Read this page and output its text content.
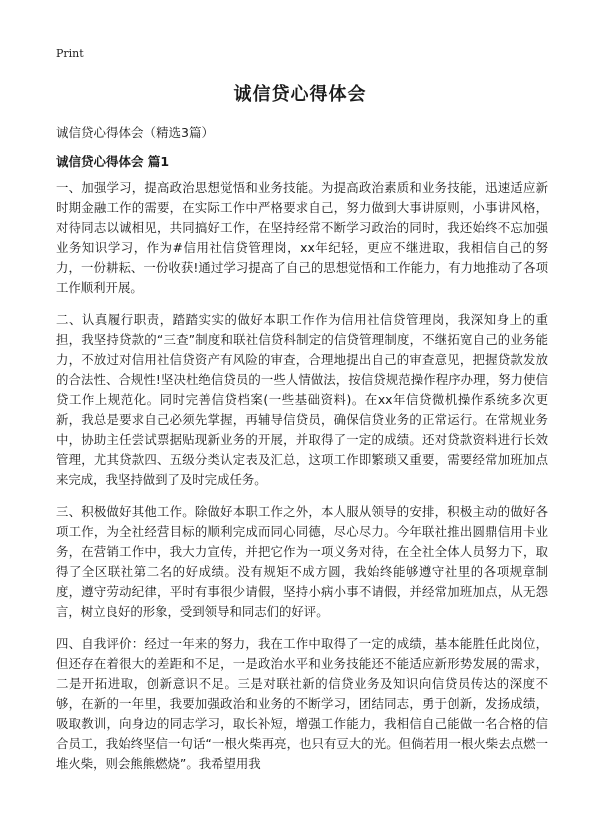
Print
诚信贷心得体会

诚信贷心得体会（精选3篇）

诚信贷心得体会 篇1

一、加强学习，提高政治思想觉悟和业务技能。为提高政治素质和业务技能，迅速适应新时期金融工作的需要，在实际工作中严格要求自己，努力做到大事讲原则，小事讲风格，对待同志以诚相见，共同搞好工作，在坚持经常不断学习政治的同时，我还始终不忘加强业务知识学习，作为#信用社信贷管理岗，xx年纪轻，更应不继进取，我相信自己的努力，一份耕耘、一份收获!通过学习提高了自己的思想觉悟和工作能力，有力地推动了各项工作顺利开展。

二、认真履行职责，踏踏实实的做好本职工作作为信用社信贷管理岗，我深知身上的重担，我坚持贷款的“三查”制度和联社信贷科制定的信贷管理制度，不继拓宽自己的业务能力，不放过对信用社信贷资产有风险的审查，合理地提出自己的审查意见，把握贷款发放的合法性、合规性!坚决杜绝信贷员的一些人情做法，按信贷规范操作程序办理，努力使信贷工作上规范化。同时完善信贷档案(一些基础资料)。在xx年信贷微机操作系统多次更新，我总是要求自己必须先掌握，再辅导信贷员，确保信贷业务的正常运行。在常规业务中，协助主任尝试票据贴现新业务的开展，并取得了一定的成绩。还对贷款资料进行长效管理，尤其贷款四、五级分类认定表及汇总，这项工作即繁琐又重要，需要经常加班加点来完成，我坚持做到了及时完成任务。

三、积极做好其他工作。除做好本职工作之外，本人服从领导的安排，积极主动的做好各项工作，为全社经营目标的顺利完成而同心同德，尽心尽力。今年联社推出圆鼎信用卡业务，在营销工作中，我大力宣传，并把它作为一项义务对待，在全社全体人员努力下，取得了全区联社第二名的好成绩。没有规矩不成方圆，我始终能够遵守社里的各项规章制度，遵守劳动纪律，平时有事很少请假，坚持小病小事不请假，并经常加班加点，从无怨言，树立良好的形象，受到领导和同志们的好评。

四、自我评价：经过一年来的努力，我在工作中取得了一定的成绩，基本能胜任此岗位，但还存在着很大的差距和不足，一是政治水平和业务技能还不能适应新形势发展的需求，二是开拓进取，创新意识不足。三是对联社新的信贷业务及知识向信贷员传达的深度不够，在新的一年里，我要加强政治和业务的不断学习，团结同志，勇于创新，发扬成绩，吸取教训，向身边的同志学习，取长补短，增强工作能力，我相信自己能做一名合格的信合员工，我始终坚信一句话“一根火柴再亮，也只有豆大的光。但倘若用一根火柴去点燃一堆火柴，则会熊熊燃烧”。我希望用我
